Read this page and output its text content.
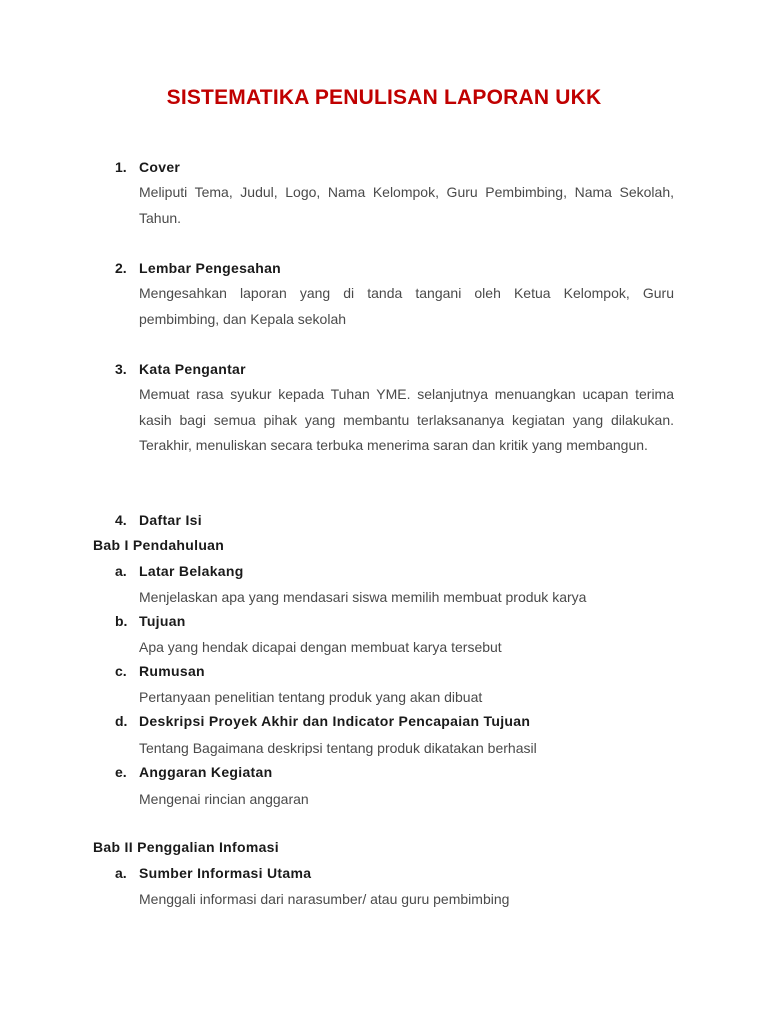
SISTEMATIKA PENULISAN LAPORAN UKK
1. Cover
Meliputi Tema, Judul, Logo, Nama Kelompok, Guru Pembimbing, Nama Sekolah, Tahun.
2. Lembar Pengesahan
Mengesahkan laporan yang di tanda tangani oleh Ketua Kelompok, Guru pembimbing, dan Kepala sekolah
3. Kata Pengantar
Memuat rasa syukur kepada Tuhan YME. selanjutnya menuangkan ucapan terima kasih bagi semua pihak yang membantu terlaksananya kegiatan yang dilakukan. Terakhir, menuliskan secara terbuka menerima saran dan kritik yang membangun.
4. Daftar Isi
Bab I Pendahuluan
a. Latar Belakang
Menjelaskan apa yang mendasari siswa memilih membuat produk karya
b. Tujuan
Apa yang hendak dicapai dengan membuat karya tersebut
c. Rumusan
Pertanyaan penelitian tentang produk yang akan dibuat
d. Deskripsi Proyek Akhir dan Indicator Pencapaian Tujuan
Tentang Bagaimana deskripsi tentang produk dikatakan berhasil
e. Anggaran Kegiatan
Mengenai rincian anggaran
Bab II Penggalian Infomasi
a. Sumber Informasi Utama
Menggali informasi dari narasumber/ atau guru pembimbing
